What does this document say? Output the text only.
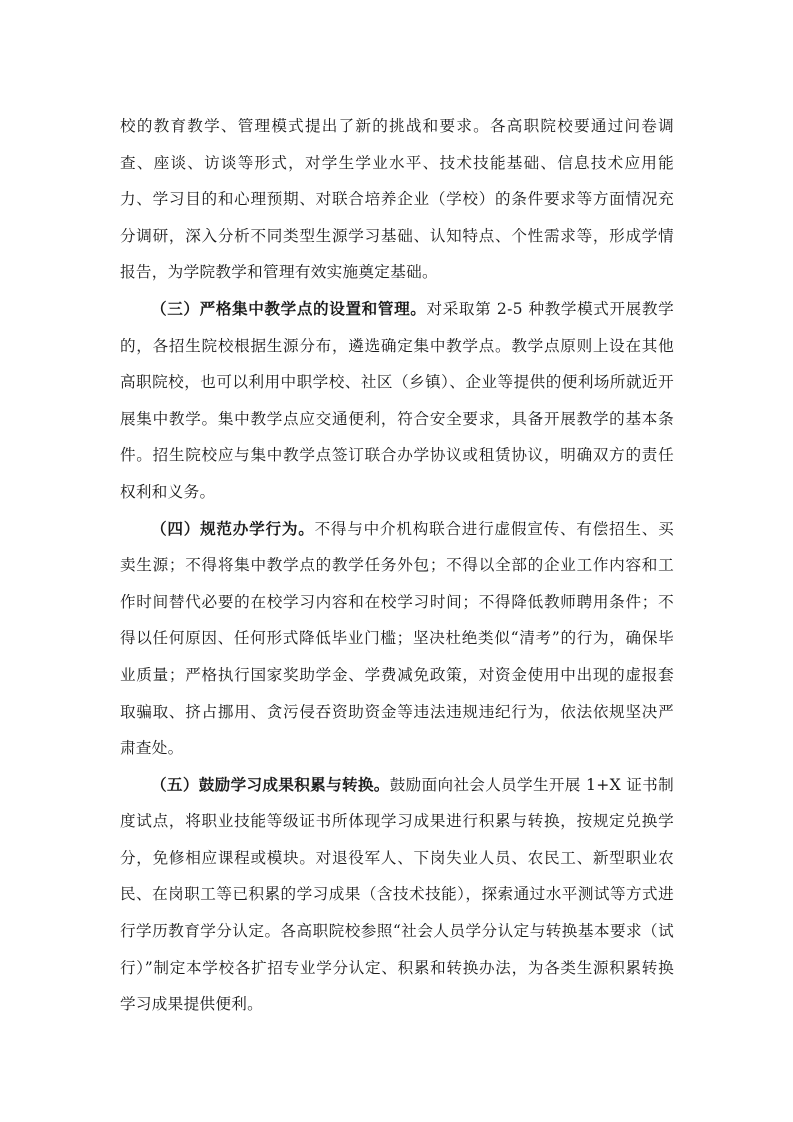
校的教育教学、管理模式提出了新的挑战和要求。各高职院校要通过问卷调查、座谈、访谈等形式，对学生学业水平、技术技能基础、信息技术应用能力、学习目的和心理预期、对联合培养企业（学校）的条件要求等方面情况充分调研，深入分析不同类型生源学习基础、认知特点、个性需求等，形成学情报告，为学院教学和管理有效实施奠定基础。

（三）严格集中教学点的设置和管理。对采取第 2-5 种教学模式开展教学的，各招生院校根据生源分布，遴选确定集中教学点。教学点原则上设在其他高职院校，也可以利用中职学校、社区（乡镇）、企业等提供的便利场所就近开展集中教学。集中教学点应交通便利，符合安全要求，具备开展教学的基本条件。招生院校应与集中教学点签订联合办学协议或租赁协议，明确双方的责任权利和义务。

（四）规范办学行为。不得与中介机构联合进行虚假宣传、有偿招生、买卖生源；不得将集中教学点的教学任务外包；不得以全部的企业工作内容和工作时间替代必要的在校学习内容和在校学习时间；不得降低教师聘用条件；不得以任何原因、任何形式降低毕业门槛；坚决杜绝类似“清考”的行为，确保毕业质量；严格执行国家奖助学金、学费减免政策，对资金使用中出现的虚报套取骗取、挤占挪用、贪污侵吞资助资金等违法违规违纪行为，依法依规坚决严肃查处。

（五）鼓励学习成果积累与转换。鼓励面向社会人员学生开展 1+X 证书制度试点，将职业技能等级证书所体现学习成果进行积累与转换，按规定兑换学分，免修相应课程或模块。对退役军人、下岗失业人员、农民工、新型职业农民、在岗职工等已积累的学习成果（含技术技能），探索通过水平测试等方式进行学历教育学分认定。各高职院校参照“社会人员学分认定与转换基本要求（试行）”制定本学校各扩招专业学分认定、积累和转换办法，为各类生源积累转换学习成果提供便利。
